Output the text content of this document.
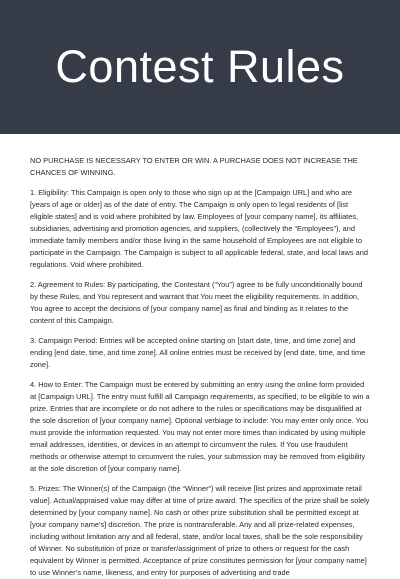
Contest Rules

NO PURCHASE IS NECESSARY TO ENTER OR WIN. A PURCHASE DOES NOT INCREASE THE CHANCES OF WINNING.

1. Eligibility: This Campaign is open only to those who sign up at the [Campaign URL] and who are [years of age or older] as of the date of entry. The Campaign is only open to legal residents of [list eligible states] and is void where prohibited by law. Employees of [your company name], its affiliates, subsidiaries, advertising and promotion agencies, and suppliers, (collectively the “Employees”), and immediate family members and/or those living in the same household of Employees are not eligible to participate in the Campaign. The Campaign is subject to all applicable federal, state, and local laws and regulations. Void where prohibited.

2. Agreement to Rules: By participating, the Contestant (“You”) agree to be fully unconditionally bound by these Rules, and You represent and warrant that You meet the eligibility requirements. In addition, You agree to accept the decisions of [your company name] as final and binding as it relates to the content of this Campaign.

3. Campaign Period: Entries will be accepted online starting on [start date, time, and time zone] and ending [end date, time, and time zone]. All online entries must be received by [end date, time, and time zone].

4. How to Enter: The Campaign must be entered by submitting an entry using the online form provided at [Campaign URL]. The entry must fulfill all Campaign requirements, as specified, to be eligible to win a prize. Entries that are incomplete or do not adhere to the rules or specifications may be disqualified at the sole discretion of [your company name]. Optional verbiage to include: You may enter only once. You must provide the information requested. You may not enter more times than indicated by using multiple email addresses, identities, or devices in an attempt to circumvent the rules. If You use fraudulent methods or otherwise attempt to circumvent the rules, your submission may be removed from eligibility at the sole discretion of [your company name].

5. Prizes: The Winner(s) of the Campaign (the “Winner”) will receive [list prizes and approximate retail value]. Actual/appraised value may differ at time of prize award. The specifics of the prize shall be solely determined by [your company name]. No cash or other prize substitution shall be permitted except at [your company name's] discretion. The prize is nontransferable. Any and all prize-related expenses, including without limitation any and all federal, state, and/or local taxes, shall be the sole responsibility of Winner. No substitution of prize or transfer/assignment of prize to others or request for the cash equivalent by Winner is permitted. Acceptance of prize constitutes permission for [your company name] to use Winner’s name, likeness, and entry for purposes of advertising and trade
